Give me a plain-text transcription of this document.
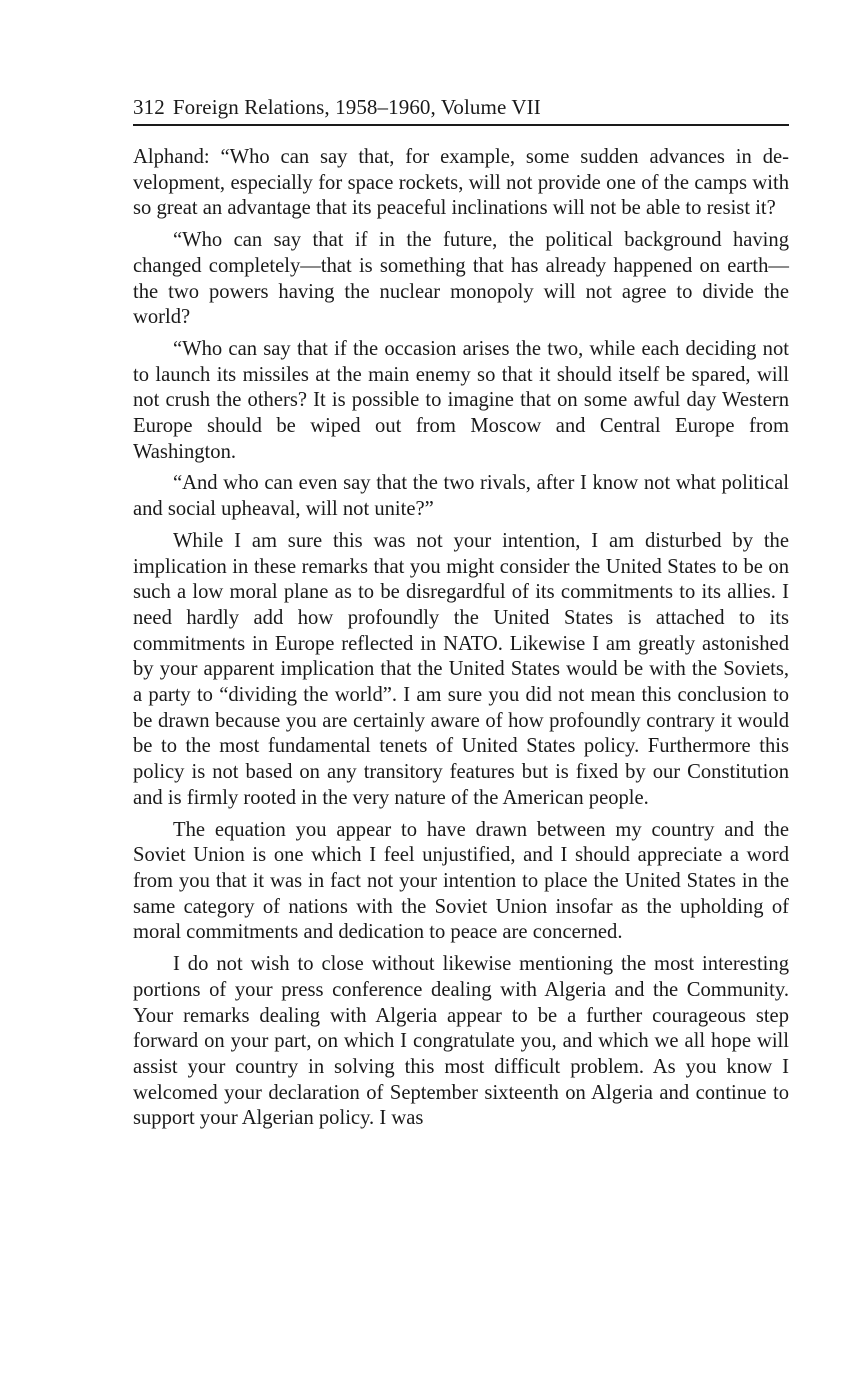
312 Foreign Relations, 1958–1960, Volume VII

Alphand: “Who can say that, for example, some sudden advances in development, especially for space rockets, will not provide one of the camps with so great an advantage that its peaceful inclinations will not be able to resist it?

“Who can say that if in the future, the political background having changed completely—that is something that has already happened on earth—the two powers having the nuclear monopoly will not agree to divide the world?

“Who can say that if the occasion arises the two, while each deciding not to launch its missiles at the main enemy so that it should itself be spared, will not crush the others? It is possible to imagine that on some awful day Western Europe should be wiped out from Moscow and Central Europe from Washington.

“And who can even say that the two rivals, after I know not what political and social upheaval, will not unite?”

While I am sure this was not your intention, I am disturbed by the implication in these remarks that you might consider the United States to be on such a low moral plane as to be disregardful of its commitments to its allies. I need hardly add how profoundly the United States is attached to its commitments in Europe reflected in NATO. Likewise I am greatly astonished by your apparent implication that the United States would be with the Soviets, a party to “dividing the world”. I am sure you did not mean this conclusion to be drawn because you are certainly aware of how profoundly contrary it would be to the most fundamental tenets of United States policy. Furthermore this policy is not based on any transitory features but is fixed by our Constitution and is firmly rooted in the very nature of the American people.

The equation you appear to have drawn between my country and the Soviet Union is one which I feel unjustified, and I should appreciate a word from you that it was in fact not your intention to place the United States in the same category of nations with the Soviet Union insofar as the upholding of moral commitments and dedication to peace are concerned.

I do not wish to close without likewise mentioning the most interesting portions of your press conference dealing with Algeria and the Community. Your remarks dealing with Algeria appear to be a further courageous step forward on your part, on which I congratulate you, and which we all hope will assist your country in solving this most difficult problem. As you know I welcomed your declaration of September sixteenth on Algeria and continue to support your Algerian policy. I was
